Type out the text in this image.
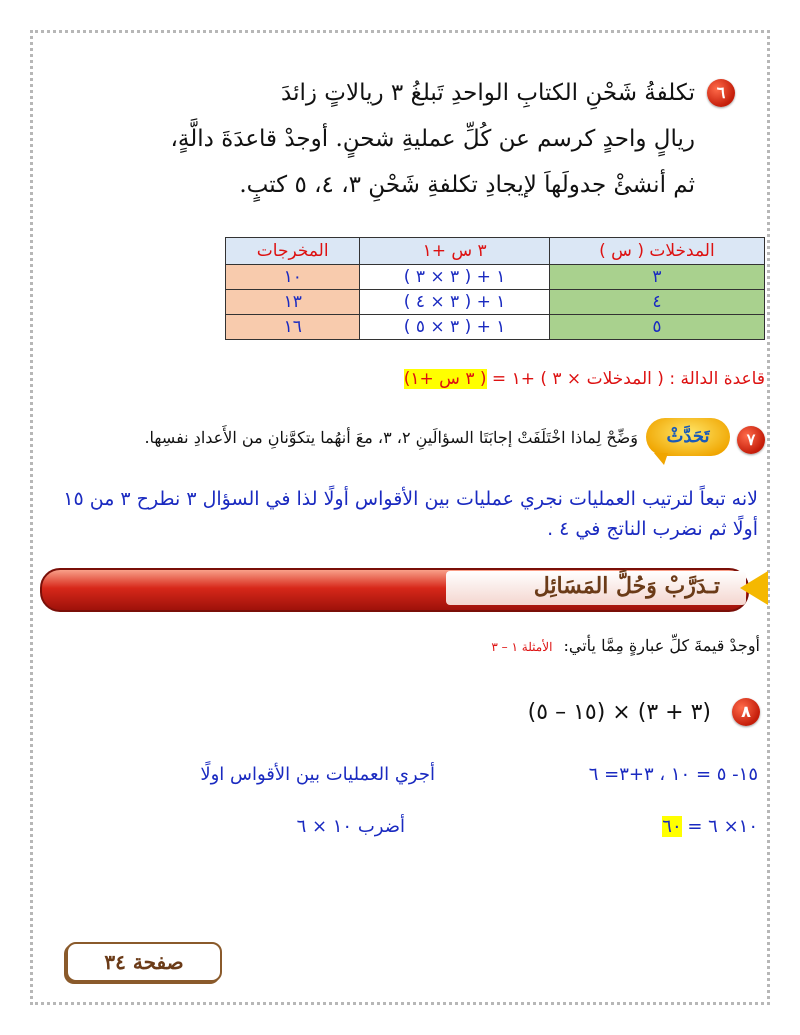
٦
تكلفةُ شَحْنِ الكتابِ الواحدِ تَبلغُ ٣ ريالاتٍ زائدَ
ريالٍ واحدٍ كرسم عن كُلِّ عمليةِ شحنٍ. أوجدْ قاعدَةَ دالَّةٍ،
ثم أنشئْ جدولَهاَ لإيجادِ تكلفةِ شَحْنِ ٣، ٤، ٥ كتبٍ.
المدخلات ( س )	٣ س +١	المخرجات
٣	١ + ( ٣ × ٣ )	١٠
٤	١ + ( ٣ × ٤ )	١٣
٥	١ + ( ٣ × ٥ )	١٦
قاعدة الدالة : ( المدخلات × ٣ ) +١ = ( ٣ س +١)
٧
تَحَدَّثْ
وَضِّحْ لِماذا اخْتَلَفَتْ إجابَتَا السؤالَينِ ٢، ٣، معَ أنهُما يتكوَّنانِ من الأَعدادِ نفسِها.
لانه تبعاً لترتيب العمليات نجري عمليات بين الأقواس أولًا لذا في السؤال ٣ نطرح ٣ من ١٥ أولًا ثم نضرب الناتج في ٤ .
تـدَرَّبْ وَحُلَّ المَسَائِل
أوجدْ قيمةَ كلِّ عبارةٍ مِمَّا يأتي: الأمثلة ١ – ٣
(١٥ – ٥) × (٣ + ٣) ٨
١٥- ٥ = ١٠ ، ٣+٣= ٦
أجري العمليات بين الأقواس اولًا
١٠× ٦ = ٦٠
أضرب ١٠ × ٦
صفحة ٣٤
